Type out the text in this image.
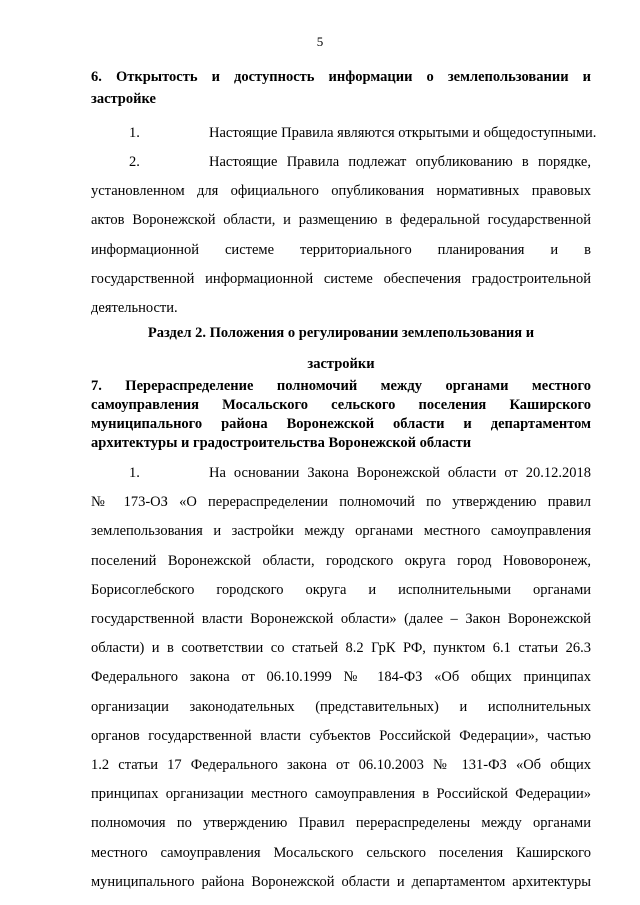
5
6. Открытость и доступность информации о землепользовании и
застройке
1.	Настоящие Правила являются открытыми и общедоступными.
2.	Настоящие Правила подлежат опубликованию в порядке,
установленном для официального опубликования нормативных правовых
актов Воронежской области, и размещению в федеральной государственной
информационной системе территориального планирования и в
государственной информационной системе обеспечения градостроительной
деятельности.
Раздел 2. Положения о регулировании землепользования и
застройки
7. Перераспределение полномочий между органами местного
самоуправления Мосальского сельского поселения Каширского
муниципального района Воронежской области и департаментом
архитектуры и градостроительства Воронежской области
1.	На основании Закона Воронежской области от 20.12.2018
№ 173-ОЗ «О перераспределении полномочий по утверждению правил
землепользования и застройки между органами местного самоуправления
поселений Воронежской области, городского округа город Нововоронеж,
Борисоглебского городского округа и исполнительными органами
государственной власти Воронежской области» (далее – Закон Воронежской
области) и в соответствии со статьей 8.2 ГрК РФ, пунктом 6.1 статьи 26.3
Федерального закона от 06.10.1999 № 184-ФЗ «Об общих принципах
организации законодательных (представительных) и исполнительных
органов государственной власти субъектов Российской Федерации», частью
1.2 статьи 17 Федерального закона от 06.10.2003 № 131-ФЗ «Об общих
принципах организации местного самоуправления в Российской Федерации»
полномочия по утверждению Правил перераспределены между органами
местного самоуправления Мосальского сельского поселения Каширского
муниципального района Воронежской области и департаментом архитектуры
